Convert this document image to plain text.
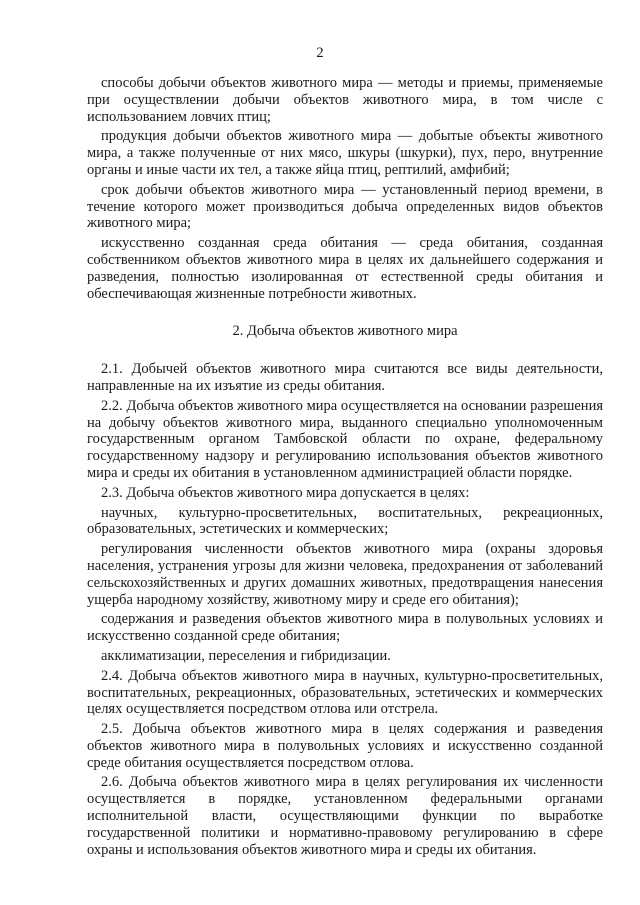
2

способы добычи объектов животного мира — методы и приемы, применяемые при осуществлении добычи объектов животного мира, в том числе с использованием ловчих птиц;

продукция добычи объектов животного мира — добытые объекты животного мира, а также полученные от них мясо, шкуры (шкурки), пух, перо, внутренние органы и иные части их тел, а также яйца птиц, рептилий, амфибий;

срок добычи объектов животного мира — установленный период времени, в течение которого может производиться добыча определенных видов объектов животного мира;

искусственно созданная среда обитания — среда обитания, созданная собственником объектов животного мира в целях их дальнейшего содержания и разведения, полностью изолированная от естественной среды обитания и обеспечивающая жизненные потребности животных.

2. Добыча объектов животного мира

2.1. Добычей объектов животного мира считаются все виды деятельности, направленные на их изъятие из среды обитания.

2.2. Добыча объектов животного мира осуществляется на основании разрешения на добычу объектов животного мира, выданного специально уполномоченным государственным органом Тамбовской области по охране, федеральному государственному надзору и регулированию использования объектов животного мира и среды их обитания в установленном администрацией области порядке.

2.3. Добыча объектов животного мира допускается в целях:

научных, культурно-просветительных, воспитательных, рекреационных, образовательных, эстетических и коммерческих;

регулирования численности объектов животного мира (охраны здоровья населения, устранения угрозы для жизни человека, предохранения от заболеваний сельскохозяйственных и других домашних животных, предотвращения нанесения ущерба народному хозяйству, животному миру и среде его обитания);

содержания и разведения объектов животного мира в полувольных условиях и искусственно созданной среде обитания;

акклиматизации, переселения и гибридизации.

2.4. Добыча объектов животного мира в научных, культурно-просветительных, воспитательных, рекреационных, образовательных, эстетических и коммерческих целях осуществляется посредством отлова или отстрела.

2.5. Добыча объектов животного мира в целях содержания и разведения объектов животного мира в полувольных условиях и искусственно созданной среде обитания осуществляется посредством отлова.

2.6. Добыча объектов животного мира в целях регулирования их численности осуществляется в порядке, установленном федеральными органами исполнительной власти, осуществляющими функции по выработке государственной политики и нормативно-правовому регулированию в сфере охраны и использования объектов животного мира и среды их обитания.
